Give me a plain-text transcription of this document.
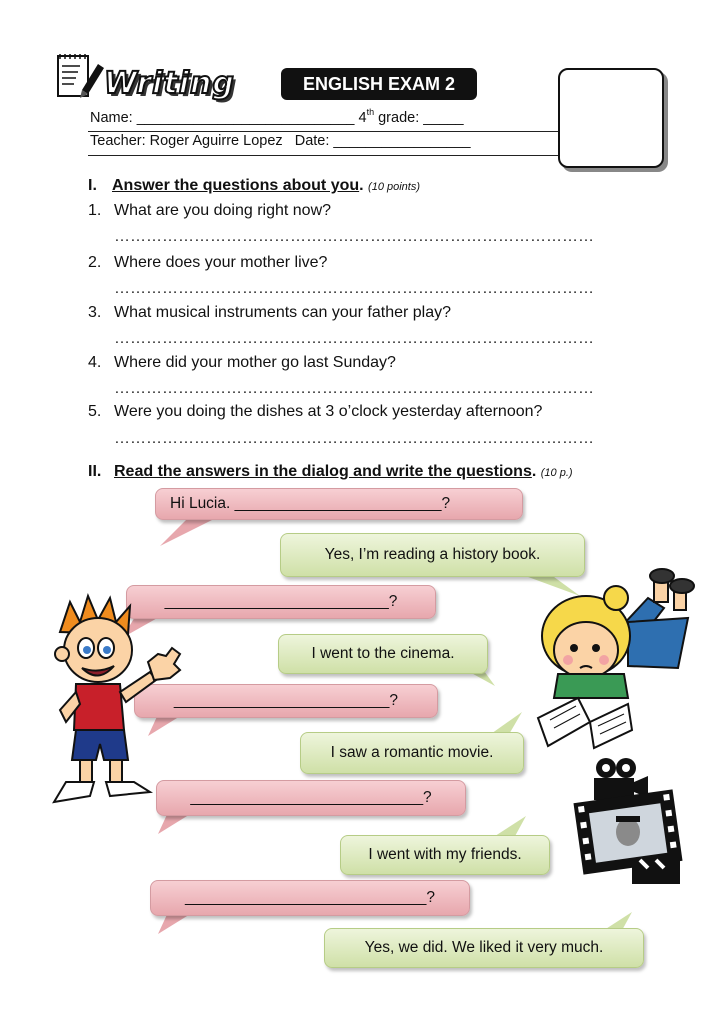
Writing	ENGLISH EXAM 2
Name: ___________________________ 4th grade: _____
Teacher: Roger Aguirre Lopez   Date: _________________
I. Answer the questions about you. (10 points)
1. What are you doing right now?
………………………………………………………………………………
2. Where does your mother live?
………………………………………………………………………………
3. What musical instruments can your father play?
………………………………………………………………………………
4. Where did your mother go last Sunday?
………………………………………………………………………………
5. Were you doing the dishes at 3 o’clock yesterday afternoon?
………………………………………………………………………………
II. Read the answers in the dialog and write the questions. (10 p.)
Hi Lucia. ________________________?
Yes, I’m reading a history book.
__________________________?
I went to the cinema.
_________________________?
I saw a romantic movie.
___________________________?
I went with my friends.
____________________________?
Yes, we did. We liked it very much.
